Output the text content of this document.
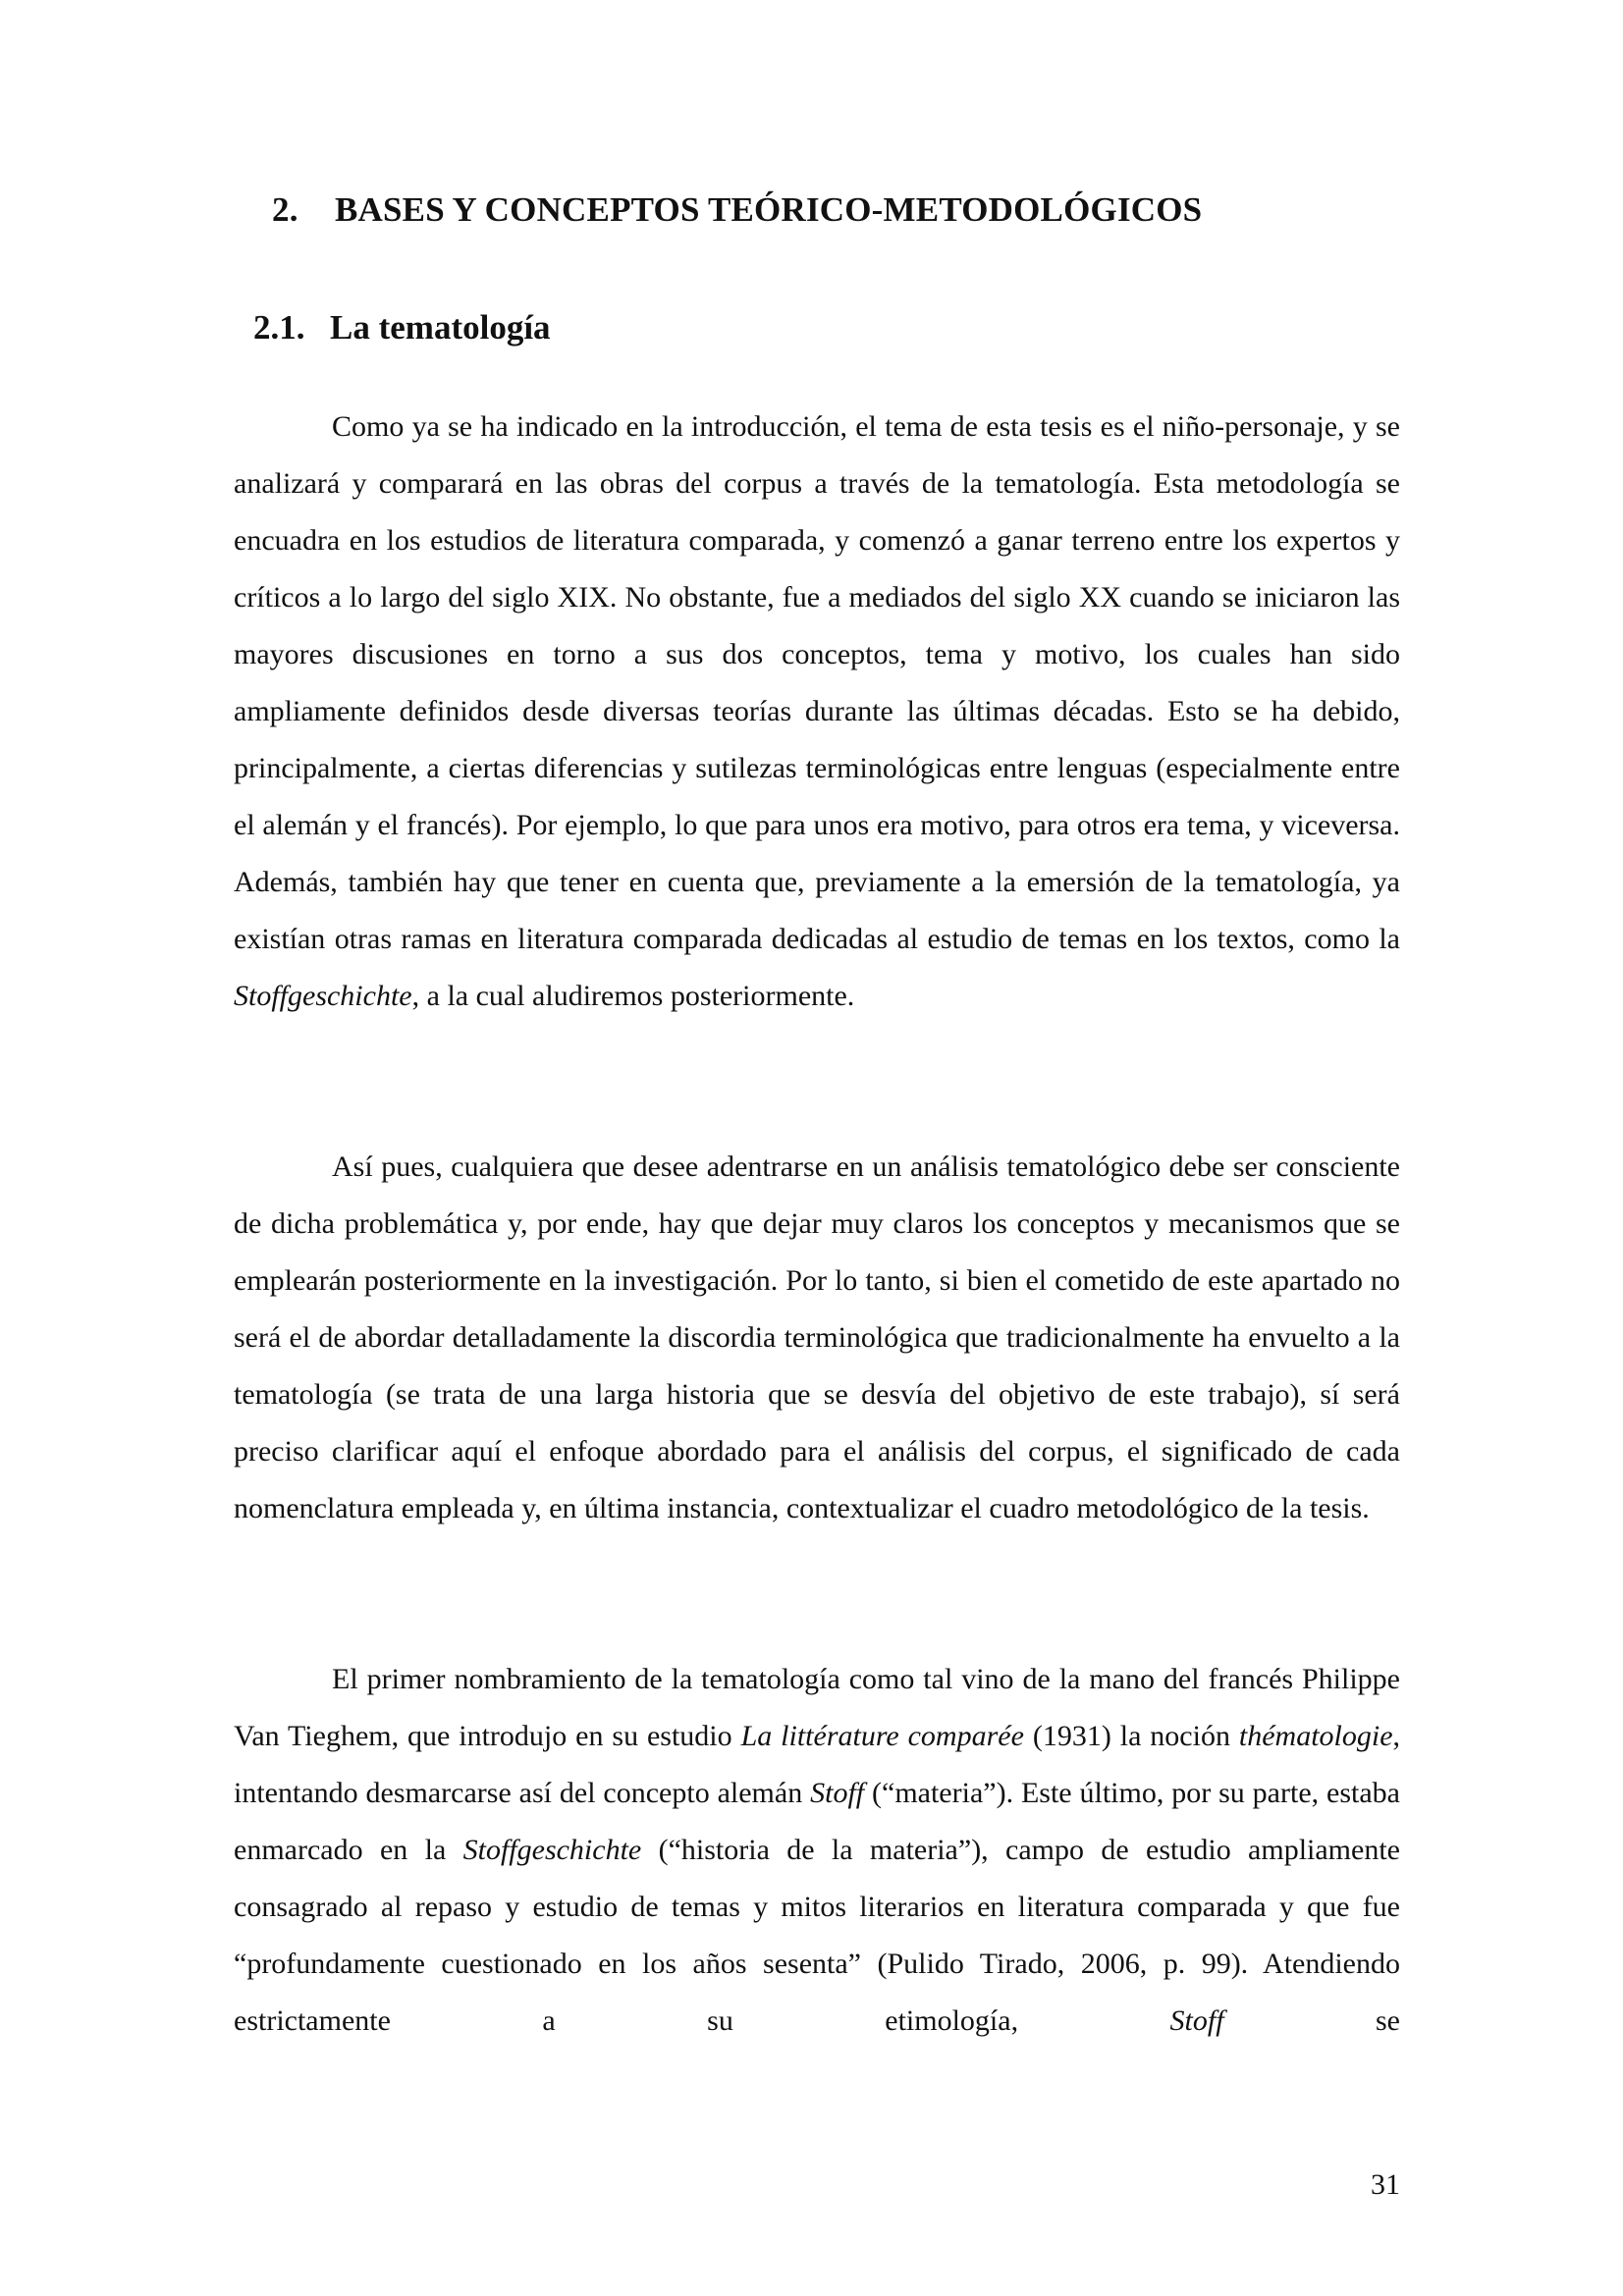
2. BASES Y CONCEPTOS TEÓRICO-METODOLÓGICOS
2.1. La tematología

Como ya se ha indicado en la introducción, el tema de esta tesis es el niño-personaje, y se analizará y comparará en las obras del corpus a través de la tematología. Esta metodología se encuadra en los estudios de literatura comparada, y comenzó a ganar terreno entre los expertos y críticos a lo largo del siglo XIX. No obstante, fue a mediados del siglo XX cuando se iniciaron las mayores discusiones en torno a sus dos conceptos, tema y motivo, los cuales han sido ampliamente definidos desde diversas teorías durante las últimas décadas. Esto se ha debido, principalmente, a ciertas diferencias y sutilezas terminológicas entre lenguas (especialmente entre el alemán y el francés). Por ejemplo, lo que para unos era motivo, para otros era tema, y viceversa. Además, también hay que tener en cuenta que, previamente a la emersión de la tematología, ya existían otras ramas en literatura comparada dedicadas al estudio de temas en los textos, como la Stoffgeschichte, a la cual aludiremos posteriormente.

Así pues, cualquiera que desee adentrarse en un análisis tematológico debe ser consciente de dicha problemática y, por ende, hay que dejar muy claros los conceptos y mecanismos que se emplearán posteriormente en la investigación. Por lo tanto, si bien el cometido de este apartado no será el de abordar detalladamente la discordia terminológica que tradicionalmente ha envuelto a la tematología (se trata de una larga historia que se desvía del objetivo de este trabajo), sí será preciso clarificar aquí el enfoque abordado para el análisis del corpus, el significado de cada nomenclatura empleada y, en última instancia, contextualizar el cuadro metodológico de la tesis.

El primer nombramiento de la tematología como tal vino de la mano del francés Philippe Van Tieghem, que introdujo en su estudio La littérature comparée (1931) la noción thématologie, intentando desmarcarse así del concepto alemán Stoff (“materia”). Este último, por su parte, estaba enmarcado en la Stoffgeschichte (“historia de la materia”), campo de estudio ampliamente consagrado al repaso y estudio de temas y mitos literarios en literatura comparada y que fue “profundamente cuestionado en los años sesenta” (Pulido Tirado, 2006, p. 99). Atendiendo estrictamente a su etimología, Stoff se

31
